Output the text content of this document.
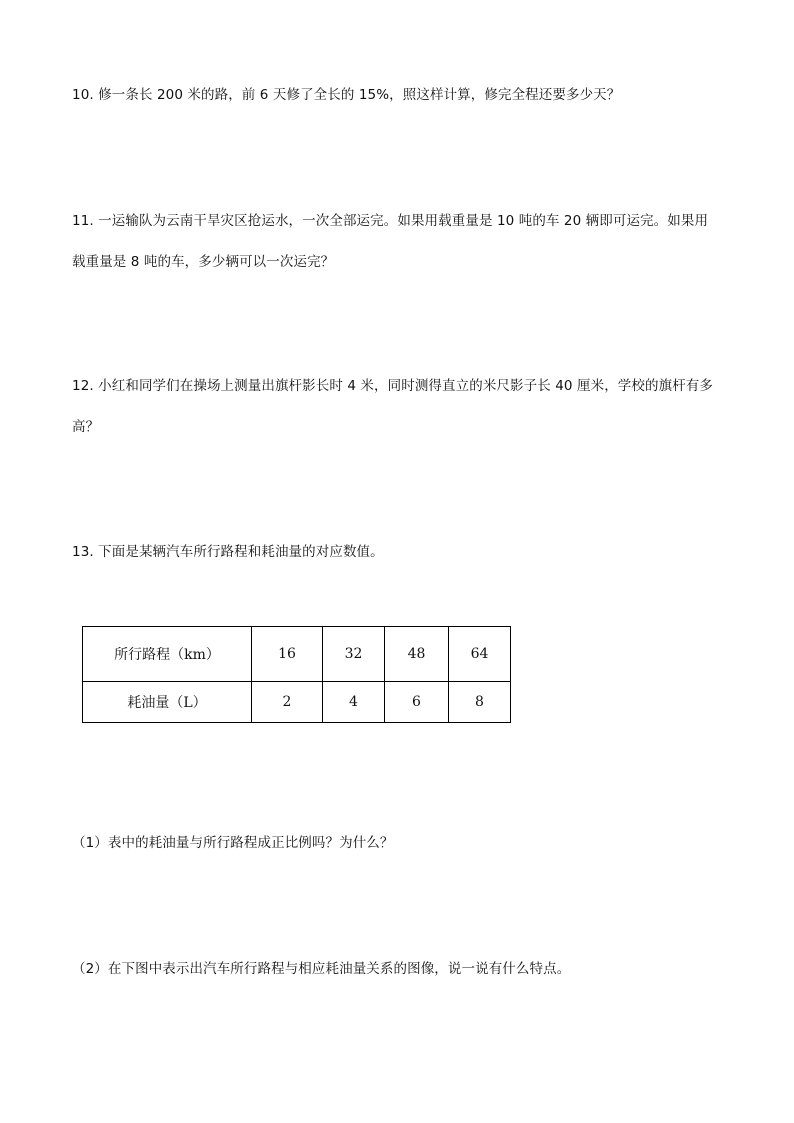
10. 修一条长 200 米的路，前 6 天修了全长的 15%，照这样计算，修完全程还要多少天？
11. 一运输队为云南干旱灾区抢运水，一次全部运完。如果用载重量是 10 吨的车 20 辆即可运完。如果用
载重量是 8 吨的车，多少辆可以一次运完？
12. 小红和同学们在操场上测量出旗杆影长时 4 米，同时测得直立的米尺影子长 40 厘米，学校的旗杆有多
高？
13. 下面是某辆汽车所行路程和耗油量的对应数值。
所行路程（km）	16	32	48	64
耗油量（L）	2	4	6	8
（1）表中的耗油量与所行路程成正比例吗？为什么？
（2）在下图中表示出汽车所行路程与相应耗油量关系的图像，说一说有什么特点。
